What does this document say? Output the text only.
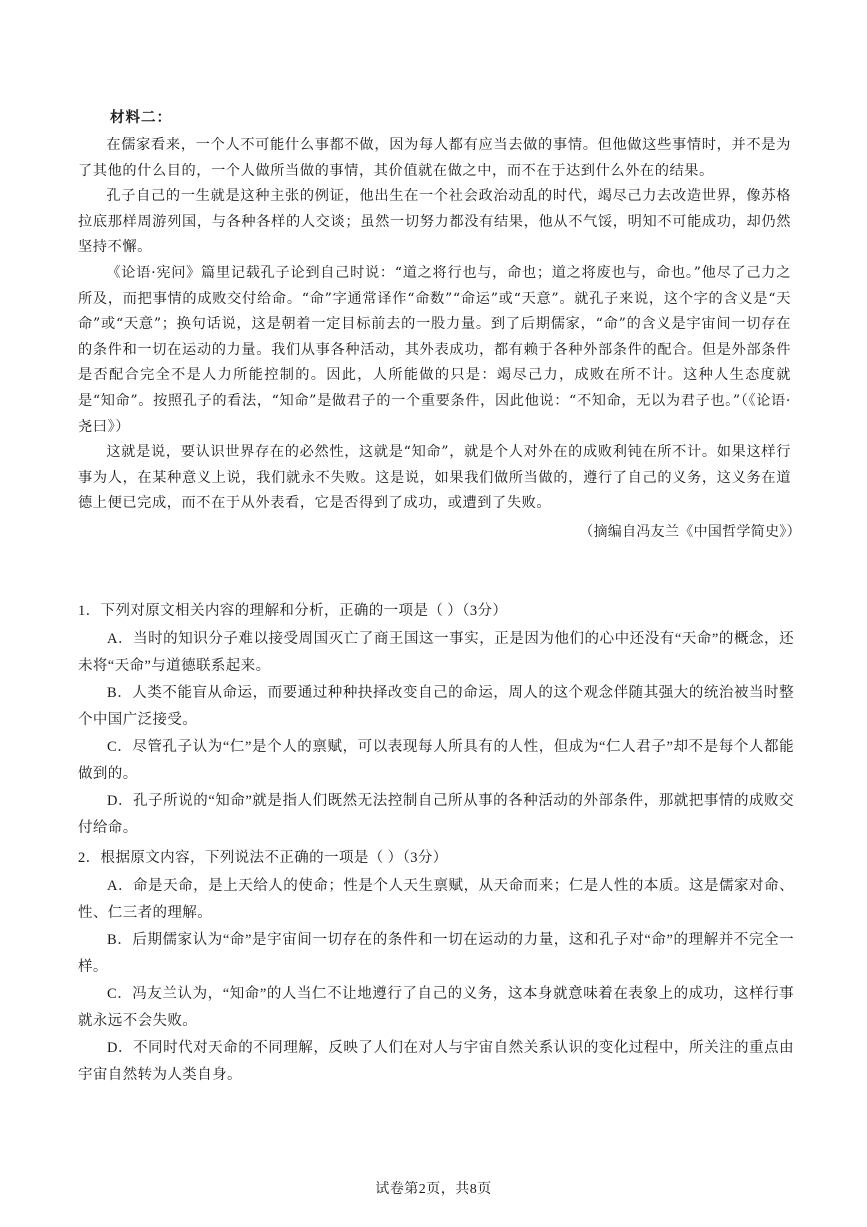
材料二：

在儒家看来，一个人不可能什么事都不做，因为每人都有应当去做的事情。但他做这些事情时，并不是为了其他的什么目的，一个人做所当做的事情，其价值就在做之中，而不在于达到什么外在的结果。

孔子自己的一生就是这种主张的例证，他出生在一个社会政治动乱的时代，竭尽己力去改造世界，像苏格拉底那样周游列国，与各种各样的人交谈；虽然一切努力都没有结果，他从不气馁，明知不可能成功，却仍然坚持不懈。

《论语·宪问》篇里记载孔子论到自己时说：“道之将行也与，命也；道之将废也与，命也。”他尽了己力之所及，而把事情的成败交付给命。“命”字通常译作“命数”“命运”或“天意”。就孔子来说，这个字的含义是“天命”或“天意”；换句话说，这是朝着一定目标前去的一股力量。到了后期儒家，“命”的含义是宇宙间一切存在的条件和一切在运动的力量。我们从事各种活动，其外表成功，都有赖于各种外部条件的配合。但是外部条件是否配合完全不是人力所能控制的。因此，人所能做的只是：竭尽己力，成败在所不计。这种人生态度就是“知命”。按照孔子的看法，“知命”是做君子的一个重要条件，因此他说：“不知命，无以为君子也。”（《论语·尧曰》）

这就是说，要认识世界存在的必然性，这就是“知命”，就是个人对外在的成败利钝在所不计。如果这样行事为人，在某种意义上说，我们就永不失败。这是说，如果我们做所当做的，遵行了自己的义务，这义务在道德上便已完成，而不在于从外表看，它是否得到了成功，或遭到了失败。

（摘编自冯友兰《中国哲学简史》）

1．下列对原文相关内容的理解和分析，正确的一项是（ ）（3分）

A．当时的知识分子难以接受周国灭亡了商王国这一事实，正是因为他们的心中还没有“天命”的概念，还未将“天命”与道德联系起来。

B．人类不能盲从命运，而要通过种种抉择改变自己的命运，周人的这个观念伴随其强大的统治被当时整个中国广泛接受。

C．尽管孔子认为“仁”是个人的禀赋，可以表现每人所具有的人性，但成为“仁人君子”却不是每个人都能做到的。

D．孔子所说的“知命”就是指人们既然无法控制自己所从事的各种活动的外部条件，那就把事情的成败交付给命。

2．根据原文内容，下列说法不正确的一项是（ ）（3分）

A．命是天命，是上天给人的使命；性是个人天生禀赋，从天命而来；仁是人性的本质。这是儒家对命、性、仁三者的理解。

B．后期儒家认为“命”是宇宙间一切存在的条件和一切在运动的力量，这和孔子对“命”的理解并不完全一样。

C．冯友兰认为，“知命”的人当仁不让地遵行了自己的义务，这本身就意味着在表象上的成功，这样行事就永远不会失败。

D．不同时代对天命的不同理解，反映了人们在对人与宇宙自然关系认识的变化过程中，所关注的重点由宇宙自然转为人类自身。

试卷第2页，共8页
